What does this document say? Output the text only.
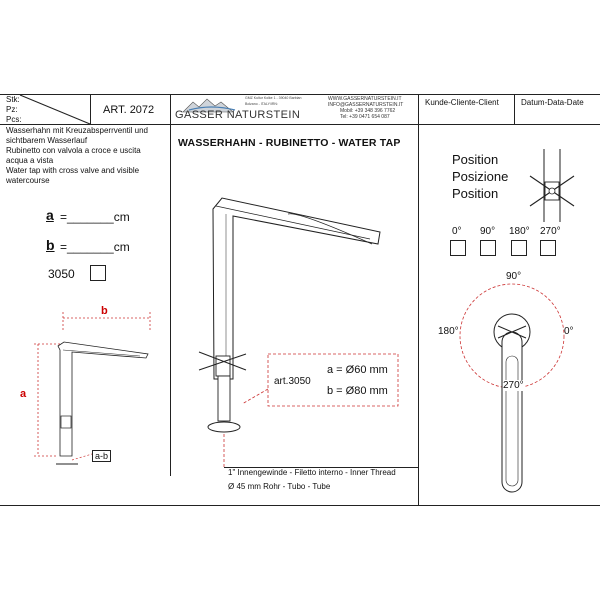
Stk:
Pz:
Pcs:
ART. 2072 GASSER NATURSTEIN
GMZ Kultur Kolke 1 - 39040 Barbian
Bolzano - ITALY/IRN:
WWW.GASSERNATURSTEIN.IT
INFO@GASSERNATURSTEIN.IT
Mobil: +39 348 396 7762
Tel: +39 0471 654 087
Kunde-Cliente-Client	Datum-Data-Date
Wasserhahn mit Kreuzabsperrventil und
sichtbarem Wasserlauf
Rubinetto con valvola a croce e uscita
acqua a vista
Water tap with cross valve and visible
watercourse
a =_______cm
b =_______cm
3050
b
a
a-b
WASSERHAHN - RUBINETTO - WATER TAP
art.3050
a = Ø60 mm
b = Ø80 mm
1" Innengewinde - Filetto interno - Inner Thread
Ø 45 mm Rohr - Tubo - Tube
Position
Posizione
Position
0° 90° 180° 270°
90°
180°	0°
270°
